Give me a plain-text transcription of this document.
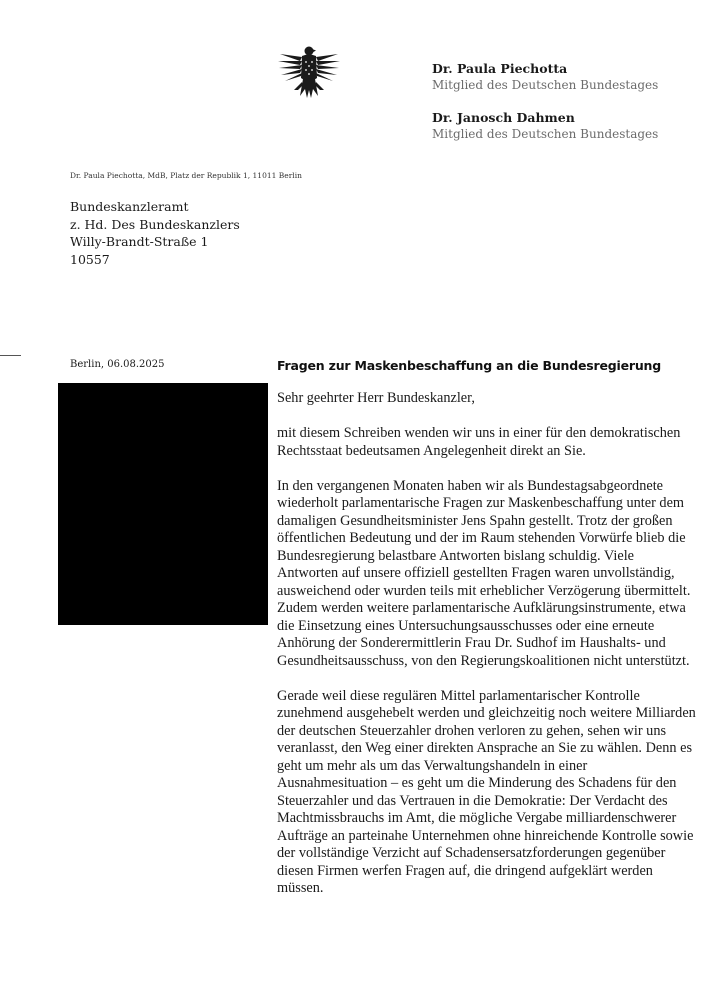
Dr. Paula Piechotta
Mitglied des Deutschen Bundestages
Dr. Janosch Dahmen
Mitglied des Deutschen Bundestages
Dr. Paula Piechotta, MdB, Platz der Republik 1, 11011 Berlin
Bundeskanzleramt
z. Hd. Des Bundeskanzlers
Willy-Brandt-Straße 1
10557
Berlin, 06.08.2025	Fragen zur Maskenbeschaffung an die Bundesregierung

Sehr geehrter Herr Bundeskanzler,

mit diesem Schreiben wenden wir uns in einer für den demokratischen Rechtsstaat bedeutsamen Angelegenheit direkt an Sie.

In den vergangenen Monaten haben wir als Bundestagsabgeordnete wiederholt parlamentarische Fragen zur Maskenbeschaffung unter dem damaligen Gesundheitsminister Jens Spahn gestellt. Trotz der großen öffentlichen Bedeutung und der im Raum stehenden Vorwürfe blieb die Bundesregierung belastbare Antworten bislang schuldig. Viele Antworten auf unsere offiziell gestellten Fragen waren unvollständig, ausweichend oder wurden teils mit erheblicher Verzögerung übermittelt. Zudem werden weitere parlamentarische Aufklärungsinstrumente, etwa die Einsetzung eines Untersuchungsausschusses oder eine erneute Anhörung der Sonderermittlerin Frau Dr. Sudhof im Haushalts- und Gesundheitsausschuss, von den Regierungskoalitionen nicht unterstützt.

Gerade weil diese regulären Mittel parlamentarischer Kontrolle zunehmend ausgehebelt werden und gleichzeitig noch weitere Milliarden der deutschen Steuerzahler drohen verloren zu gehen, sehen wir uns veranlasst, den Weg einer direkten Ansprache an Sie zu wählen. Denn es geht um mehr als um das Verwaltungshandeln in einer Ausnahmesituation – es geht um die Minderung des Schadens für den Steuerzahler und das Vertrauen in die Demokratie: Der Verdacht des Machtmissbrauchs im Amt, die mögliche Vergabe milliardenschwerer Aufträge an parteinahe Unternehmen ohne hinreichende Kontrolle sowie der vollständige Verzicht auf Schadensersatzforderungen gegenüber diesen Firmen werfen Fragen auf, die dringend aufgeklärt werden müssen.
